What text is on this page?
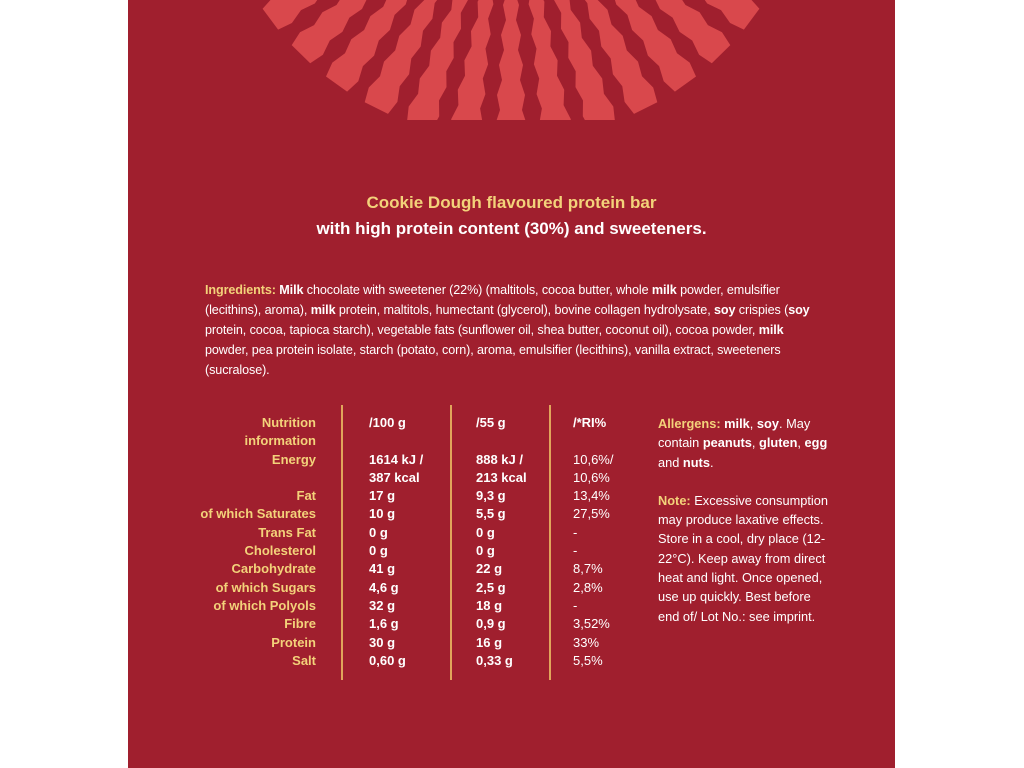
Cookie Dough flavoured protein bar
with high protein content (30%) and sweeteners.
Ingredients: Milk chocolate with sweetener (22%) (maltitols, cocoa butter, whole milk powder, emulsifier (lecithins), aroma), milk protein, maltitols, humectant (glycerol), bovine collagen hydrolysate, soy crispies (soy protein, cocoa, tapioca starch), vegetable fats (sunflower oil, shea butter, coconut oil), cocoa powder, milk powder, pea protein isolate, starch (potato, corn), aroma, emulsifier (lecithins), vanilla extract, sweeteners (sucralose).
Nutrition
information
Energy
Fat
of which Saturates
Trans Fat
Cholesterol
Carbohydrate
of which Sugars
of which Polyols
Fibre
Protein
Salt
/100 g
1614 kJ /
387 kcal
17 g
10 g
0 g
0 g
41 g
4,6 g
32 g
1,6 g
30 g
0,60 g
/55 g
888 kJ /
213 kcal
9,3 g
5,5 g
0 g
0 g
22 g
2,5 g
18 g
0,9 g
16 g
0,33 g
/*RI%
10,6%/
10,6%
13,4%
27,5%
-
-
8,7%
2,8%
-
3,52%
33%
5,5%
Allergens: milk, soy. May contain peanuts, gluten, egg and nuts.
Note: Excessive consumption may produce laxative effects. Store in a cool, dry place (12-22°C). Keep away from direct heat and light. Once opened, use up quickly. Best before end of/ Lot No.: see imprint.
